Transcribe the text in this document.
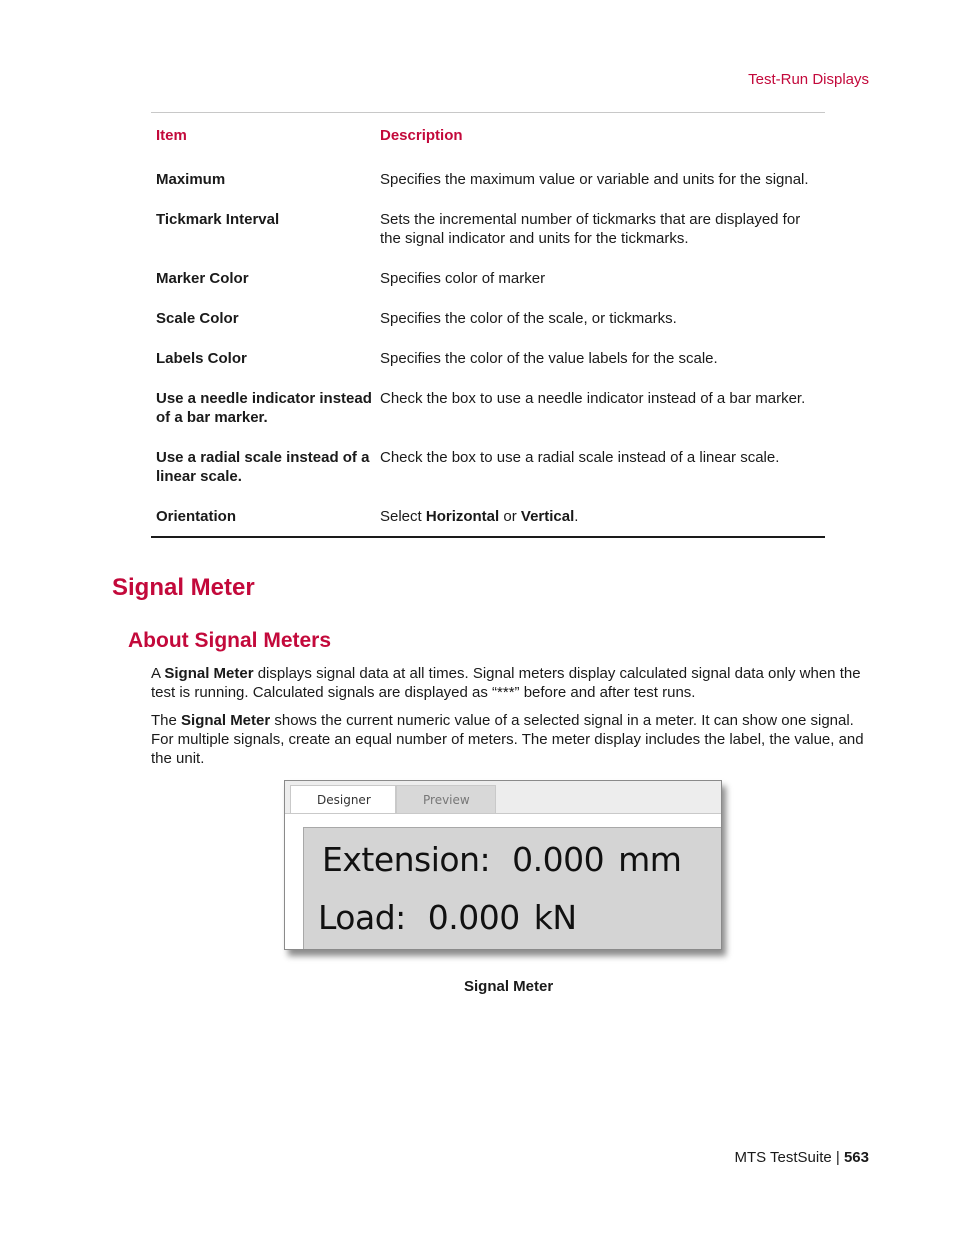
Test-Run Displays
Item	Description
Maximum	Specifies the maximum value or variable and units for the signal.
Tickmark Interval	Sets the incremental number of tickmarks that are displayed for the signal indicator and units for the tickmarks.
Marker Color	Specifies color of marker
Scale Color	Specifies the color of the scale, or tickmarks.
Labels Color	Specifies the color of the value labels for the scale.
Use a needle indicator instead of a bar marker.	Check the box to use a needle indicator instead of a bar marker.
Use a radial scale instead of a linear scale.	Check the box to use a radial scale instead of a linear scale.
Orientation	Select Horizontal or Vertical.
Signal Meter
About Signal Meters

A Signal Meter displays signal data at all times. Signal meters display calculated signal data only when the test is running. Calculated signals are displayed as “***” before and after test runs.

The Signal Meter shows the current numeric value of a selected signal in a meter. It can show one signal. For multiple signals, create an equal number of meters. The meter display includes the label, the value, and the unit.

Designer	Preview
Extension: 0.000 mm
Load: 0.000 kN
Signal Meter
MTS TestSuite | 563
